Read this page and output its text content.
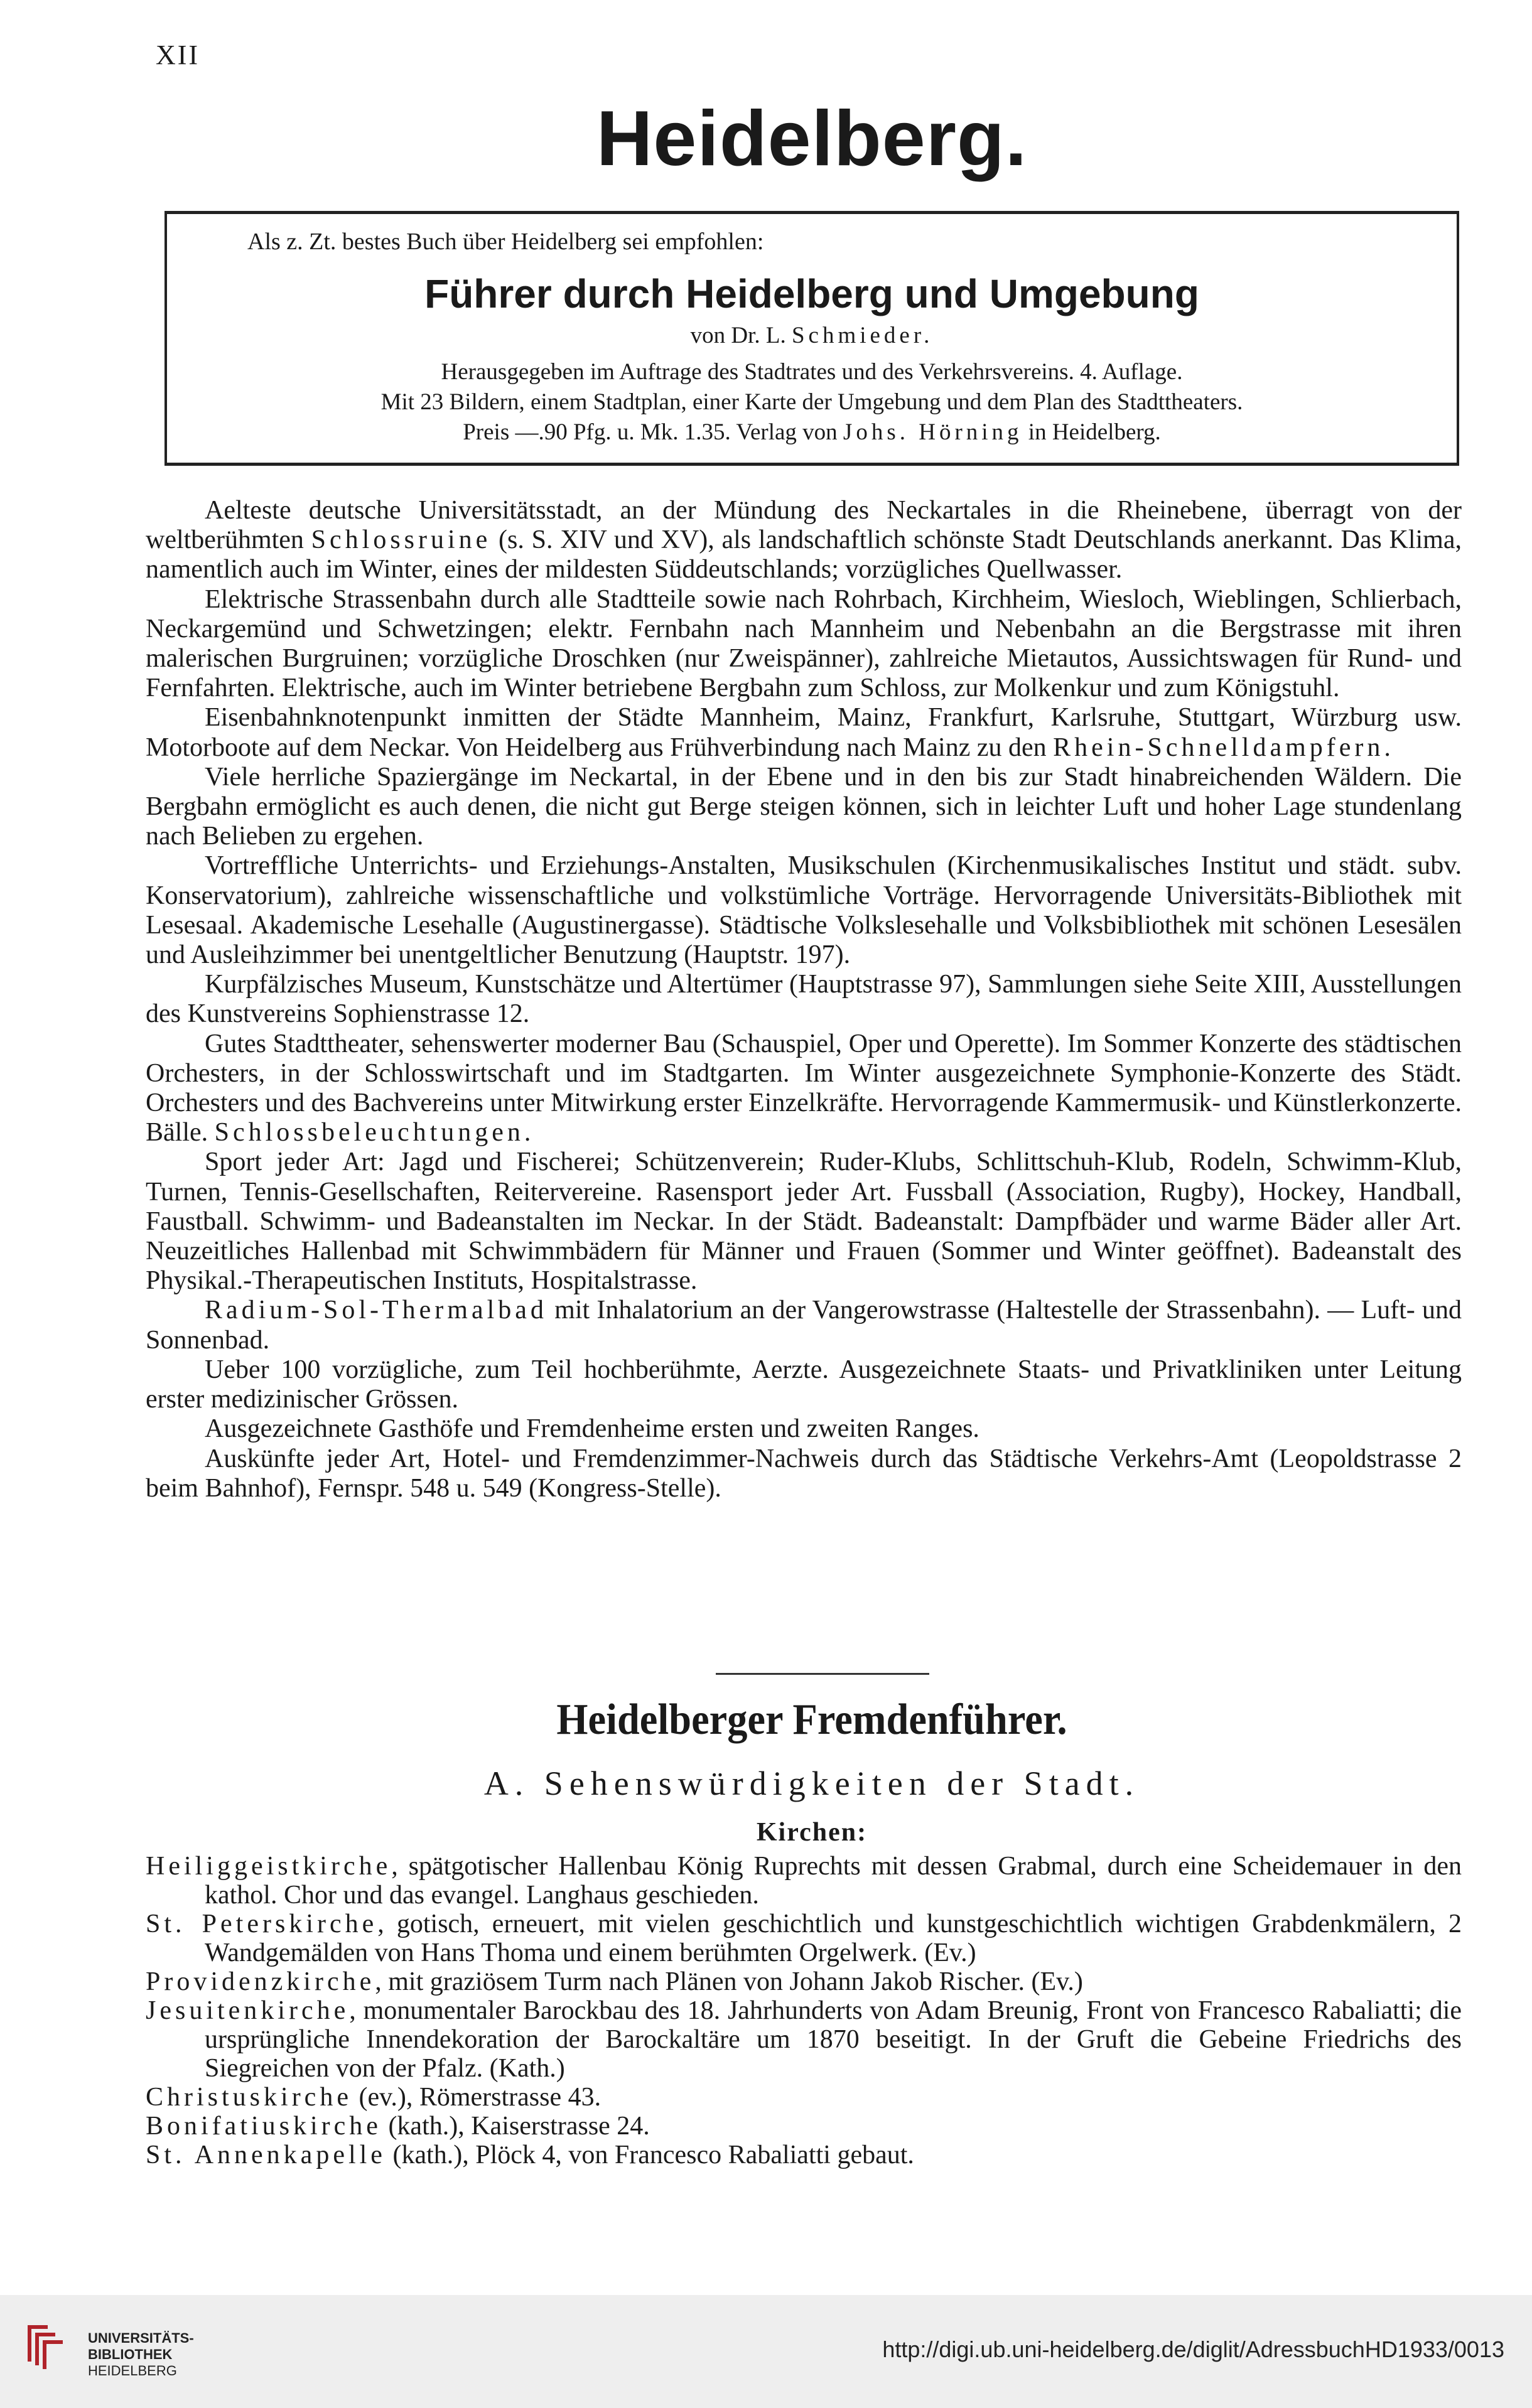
XII
Heidelberg.
Als z. Zt. bestes Buch über Heidelberg sei empfohlen:
Führer durch Heidelberg und Umgebung
von Dr. L. Schmieder.
Herausgegeben im Auftrage des Stadtrates und des Verkehrsvereins. 4. Auflage.
Mit 23 Bildern, einem Stadtplan, einer Karte der Umgebung und dem Plan des Stadttheaters.
Preis —.90 Pfg. u. Mk. 1.35. Verlag von Johs. Hörning in Heidelberg.

Aelteste deutsche Universitätsstadt, an der Mündung des Neckartales in die Rheinebene, überragt von der weltberühmten Schlossruine (s. S. XIV und XV), als landschaftlich schönste Stadt Deutschlands anerkannt. Das Klima, namentlich auch im Winter, eines der mildesten Süddeutschlands; vorzügliches Quellwasser.

Elektrische Strassenbahn durch alle Stadtteile sowie nach Rohrbach, Kirchheim, Wiesloch, Wieblingen, Schlierbach, Neckargemünd und Schwetzingen; elektr. Fernbahn nach Mannheim und Nebenbahn an die Bergstrasse mit ihren malerischen Burgruinen; vorzügliche Droschken (nur Zweispänner), zahlreiche Mietautos, Aussichtswagen für Rund- und Fernfahrten. Elektrische, auch im Winter betriebene Bergbahn zum Schloss, zur Molkenkur und zum Königstuhl.

Eisenbahnknotenpunkt inmitten der Städte Mannheim, Mainz, Frankfurt, Karlsruhe, Stuttgart, Würzburg usw. Motorboote auf dem Neckar. Von Heidelberg aus Frühverbindung nach Mainz zu den Rhein-Schnelldampfern.

Viele herrliche Spaziergänge im Neckartal, in der Ebene und in den bis zur Stadt hinabreichenden Wäldern. Die Bergbahn ermöglicht es auch denen, die nicht gut Berge steigen können, sich in leichter Luft und hoher Lage stundenlang nach Belieben zu ergehen.

Vortreffliche Unterrichts- und Erziehungs-Anstalten, Musikschulen (Kirchenmusikalisches Institut und städt. subv. Konservatorium), zahlreiche wissenschaftliche und volkstümliche Vorträge. Hervorragende Universitäts-Bibliothek mit Lesesaal. Akademische Lesehalle (Augustinergasse). Städtische Volkslesehalle und Volksbibliothek mit schönen Lesesälen und Ausleihzimmer bei unentgeltlicher Benutzung (Hauptstr. 197).

Kurpfälzisches Museum, Kunstschätze und Altertümer (Hauptstrasse 97), Sammlungen siehe Seite XIII, Ausstellungen des Kunstvereins Sophienstrasse 12.

Gutes Stadttheater, sehenswerter moderner Bau (Schauspiel, Oper und Operette). Im Sommer Konzerte des städtischen Orchesters, in der Schlosswirtschaft und im Stadtgarten. Im Winter ausgezeichnete Symphonie-Konzerte des Städt. Orchesters und des Bachvereins unter Mitwirkung erster Einzelkräfte. Hervorragende Kammermusik- und Künstlerkonzerte. Bälle. Schlossbeleuchtungen.

Sport jeder Art: Jagd und Fischerei; Schützenverein; Ruder-Klubs, Schlittschuh-Klub, Rodeln, Schwimm-Klub, Turnen, Tennis-Gesellschaften, Reitervereine. Rasensport jeder Art. Fussball (Association, Rugby), Hockey, Handball, Faustball. Schwimm- und Badeanstalten im Neckar. In der Städt. Badeanstalt: Dampfbäder und warme Bäder aller Art. Neuzeitliches Hallenbad mit Schwimmbädern für Männer und Frauen (Sommer und Winter geöffnet). Badeanstalt des Physikal.-Therapeutischen Instituts, Hospitalstrasse.

Radium-Sol-Thermalbad mit Inhalatorium an der Vangerowstrasse (Haltestelle der Strassenbahn). — Luft- und Sonnenbad.

Ueber 100 vorzügliche, zum Teil hochberühmte, Aerzte. Ausgezeichnete Staats- und Privatkliniken unter Leitung erster medizinischer Grössen.

Ausgezeichnete Gasthöfe und Fremdenheime ersten und zweiten Ranges.

Auskünfte jeder Art, Hotel- und Fremdenzimmer-Nachweis durch das Städtische Verkehrs-Amt (Leopoldstrasse 2 beim Bahnhof), Fernspr. 548 u. 549 (Kongress-Stelle).

Heidelberger Fremdenführer.
A. Sehenswürdigkeiten der Stadt.
Kirchen:

Heiliggeistkirche, spätgotischer Hallenbau König Ruprechts mit dessen Grabmal, durch eine Scheidemauer in den kathol. Chor und das evangel. Langhaus geschieden.

St. Peterskirche, gotisch, erneuert, mit vielen geschichtlich und kunstgeschichtlich wichtigen Grabdenkmälern, 2 Wandgemälden von Hans Thoma und einem berühmten Orgelwerk. (Ev.)

Providenzkirche, mit graziösem Turm nach Plänen von Johann Jakob Rischer. (Ev.)

Jesuitenkirche, monumentaler Barockbau des 18. Jahrhunderts von Adam Breunig, Front von Francesco Rabaliatti; die ursprüngliche Innendekoration der Barockaltäre um 1870 beseitigt. In der Gruft die Gebeine Friedrichs des Siegreichen von der Pfalz. (Kath.)

Christuskirche (ev.), Römerstrasse 43.

Bonifatiuskirche (kath.), Kaiserstrasse 24.

St. Annenkapelle (kath.), Plöck 4, von Francesco Rabaliatti gebaut.

UNIVERSITÄTS-
BIBLIOTHEK
HEIDELBERG
http://digi.ub.uni-heidelberg.de/diglit/AdressbuchHD1933/0013
